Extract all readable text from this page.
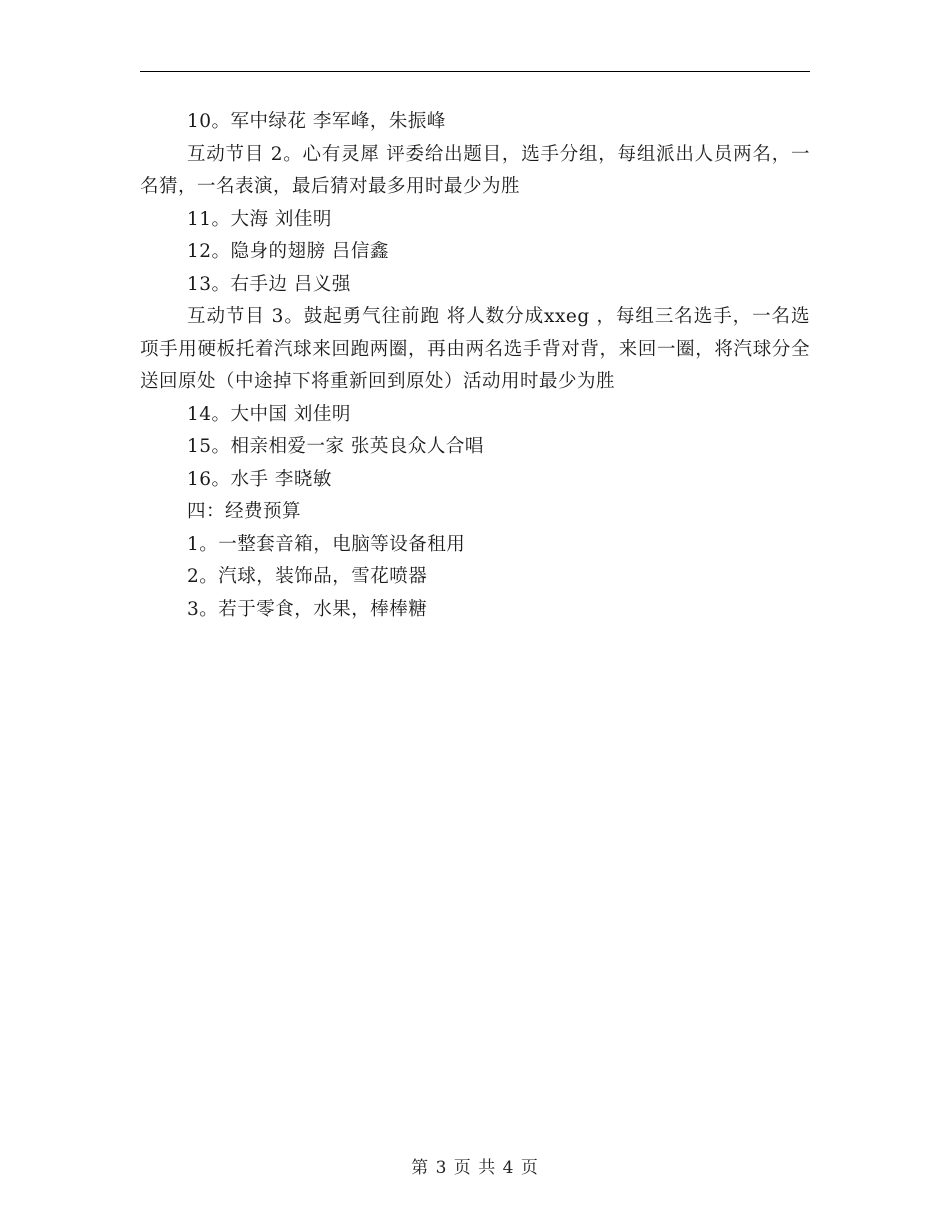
10。军中绿花 李军峰，朱振峰

互动节目 2。心有灵犀 评委给出题目，选手分组，每组派出人员两名，一名猜，一名表演，最后猜对最多用时最少为胜

11。大海 刘佳明

12。隐身的翅膀 吕信鑫

13。右手边 吕义强

互动节目 3。鼓起勇气往前跑 将人数分成xxeg ，每组三名选手，一名选项手用硬板托着汽球来回跑两圈，再由两名选手背对背，来回一圈，将汽球分全送回原处（中途掉下将重新回到原处）活动用时最少为胜

14。大中国 刘佳明

15。相亲相爱一家 张英良众人合唱

16。水手 李晓敏

四：经费预算

1。一整套音箱，电脑等设备租用

2。汽球，装饰品，雪花喷器

3。若于零食，水果，棒棒糖

第 3 页 共 4 页
